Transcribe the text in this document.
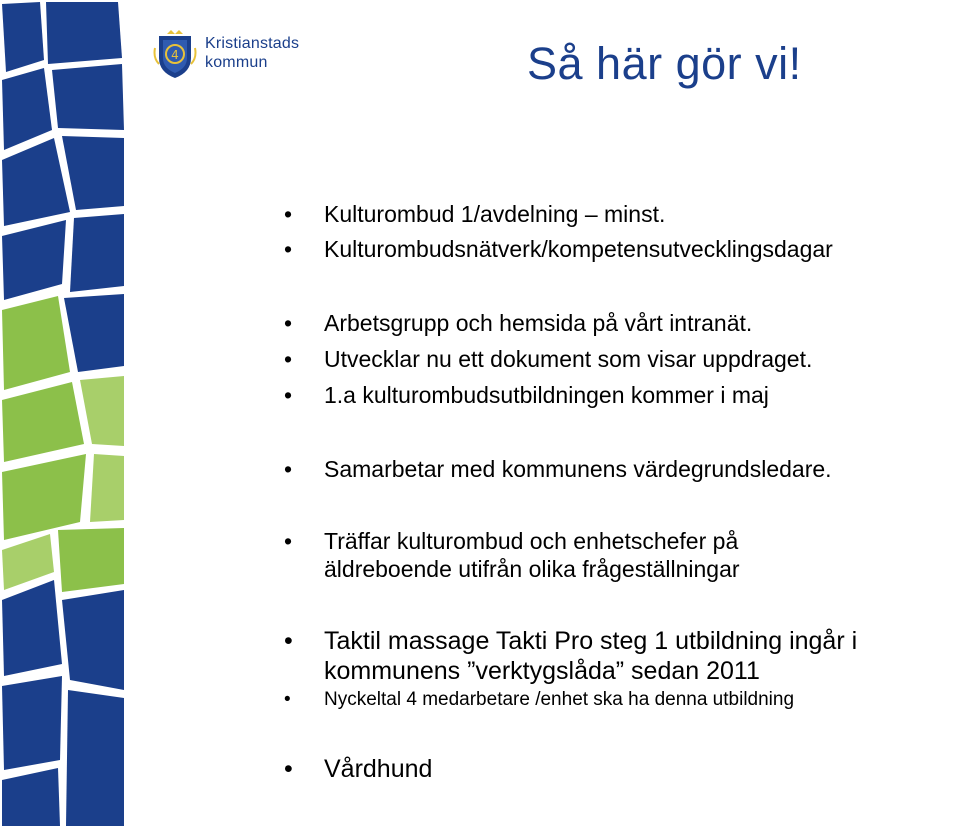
4
Kristianstads
kommun	Så här gör vi!
• Kulturombud 1/avdelning – minst.
• Kulturombudsnätverk/kompetensutvecklingsdagar
• Arbetsgrupp och hemsida på vårt intranät.
• Utvecklar nu ett dokument som visar uppdraget.
• 1.a kulturombudsutbildningen kommer i maj
• Samarbetar med kommunens värdegrundsledare.
• Träffar kulturombud och enhetschefer på
äldreboende utifrån olika frågeställningar
• Taktil massage Takti Pro steg 1 utbildning ingår i
kommunens ”verktygslåda” sedan 2011
• Nyckeltal 4 medarbetare /enhet ska ha denna utbildning
• Vårdhund
